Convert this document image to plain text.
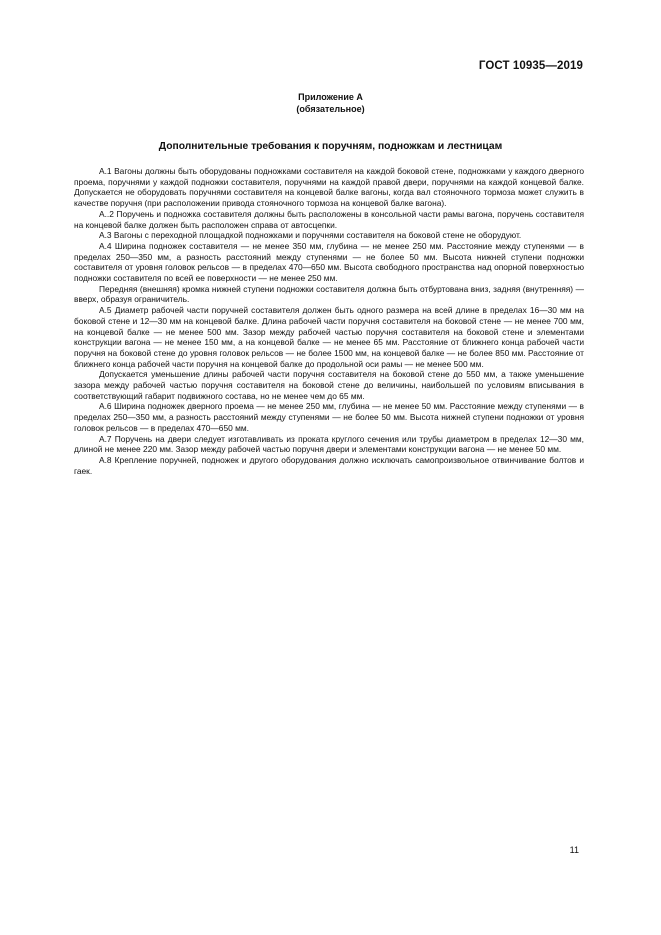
ГОСТ 10935—2019
Приложение А
(обязательное)
Дополнительные требования к поручням, подножкам и лестницам

А.1 Вагоны должны быть оборудованы подножками составителя на каждой боковой стене, подножками у каждого дверного проема, поручнями у каждой подножки составителя, поручнями на каждой правой двери, поручнями на каждой концевой балке. Допускается не оборудовать поручнями составителя на концевой балке вагоны, когда вал стояночного тормоза может служить в качестве поручня (при расположении привода стояночного тормоза на концевой балке вагона).

А..2 Поручень и подножка составителя должны быть расположены в консольной части рамы вагона, поручень составителя на концевой балке должен быть расположен справа от автосцепки.

А.3 Вагоны с переходной площадкой подножками и поручнями составителя на боковой стене не оборудуют.

А.4 Ширина подножек составителя — не менее 350 мм, глубина — не менее 250 мм. Расстояние между ступенями — в пределах 250—350 мм, а разность расстояний между ступенями — не более 50 мм. Высота нижней ступени подножки составителя от уровня головок рельсов — в пределах 470—650 мм. Высота свободного пространства над опорной поверхностью подножки составителя по всей ее поверхности — не менее 250 мм.

Передняя (внешняя) кромка нижней ступени подножки составителя должна быть отбуртована вниз, задняя (внутренняя) — вверх, образуя ограничитель.

А.5 Диаметр рабочей части поручней составителя должен быть одного размера на всей длине в пределах 16—30 мм на боковой стене и 12—30 мм на концевой балке. Длина рабочей части поручня составителя на боковой стене — не менее 700 мм, на концевой балке — не менее 500 мм. Зазор между рабочей частью поручня составителя на боковой стене и элементами конструкции вагона — не менее 150 мм, а на концевой балке — не менее 65 мм. Расстояние от ближнего конца рабочей части поручня на боковой стене до уровня головок рельсов — не более 1500 мм, на концевой балке — не более 850 мм. Расстояние от ближнего конца рабочей части поручня на концевой балке до продольной оси рамы — не менее 500 мм.

Допускается уменьшение длины рабочей части поручня составителя на боковой стене до 550 мм, а также уменьшение зазора между рабочей частью поручня составителя на боковой стене до величины, наибольшей по условиям вписывания в соответствующий габарит подвижного состава, но не менее чем до 65 мм.

А.6 Ширина подножек дверного проема — не менее 250 мм, глубина — не менее 50 мм. Расстояние между ступенями — в пределах 250—350 мм, а разность расстояний между ступенями — не более 50 мм. Высота нижней ступени подножки от уровня головок рельсов — в пределах 470—650 мм.

А.7 Поручень на двери следует изготавливать из проката круглого сечения или трубы диаметром в пределах 12—30 мм, длиной не менее 220 мм. Зазор между рабочей частью поручня двери и элементами конструкции вагона — не менее 50 мм.

А.8 Крепление поручней, подножек и другого оборудования должно исключать самопроизвольное отвинчивание болтов и гаек.

11
